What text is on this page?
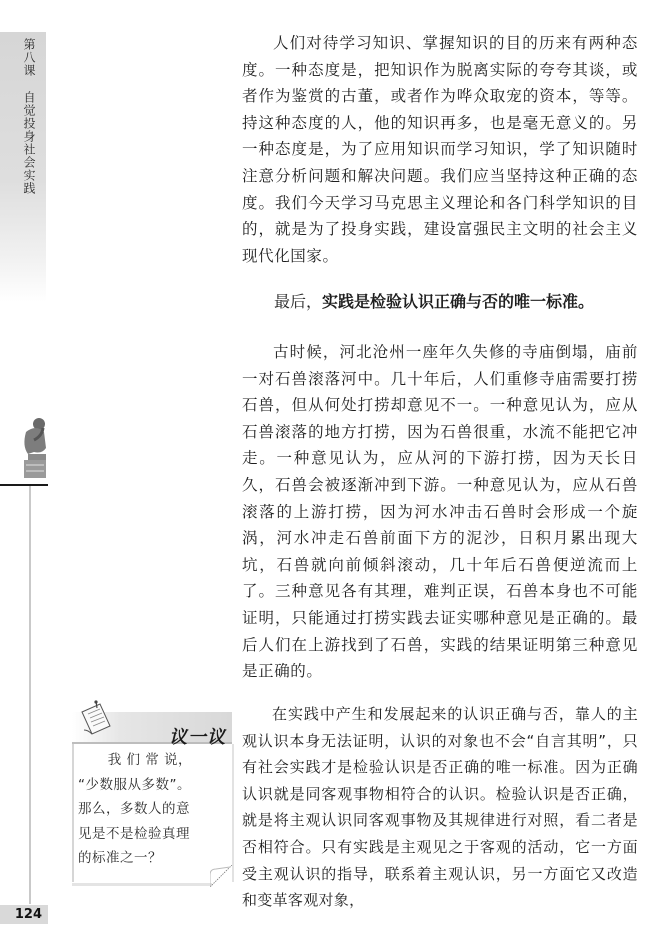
第八课自觉投身社会实践
124

人们对待学习知识、掌握知识的目的历来有两种态度。一种态度是，把知识作为脱离实际的夸夸其谈，或者作为鉴赏的古董，或者作为哗众取宠的资本，等等。持这种态度的人，他的知识再多，也是毫无意义的。另一种态度是，为了应用知识而学习知识，学了知识随时注意分析问题和解决问题。我们应当坚持这种正确的态度。我们今天学习马克思主义理论和各门科学知识的目的，就是为了投身实践，建设富强民主文明的社会主义现代化国家。

最后，实践是检验认识正确与否的唯一标准。

古时候，河北沧州一座年久失修的寺庙倒塌，庙前一对石兽滚落河中。几十年后，人们重修寺庙需要打捞石兽，但从何处打捞却意见不一。一种意见认为，应从石兽滚落的地方打捞，因为石兽很重，水流不能把它冲走。一种意见认为，应从河的下游打捞，因为天长日久，石兽会被逐渐冲到下游。一种意见认为，应从石兽滚落的上游打捞，因为河水冲击石兽时会形成一个旋涡，河水冲走石兽前面下方的泥沙，日积月累出现大坑，石兽就向前倾斜滚动，几十年后石兽便逆流而上了。三种意见各有其理，难判正误，石兽本身也不可能证明，只能通过打捞实践去证实哪种意见是正确的。最后人们在上游找到了石兽，实践的结果证明第三种意见是正确的。

在实践中产生和发展起来的认识正确与否，靠人的主观认识本身无法证明，认识的对象也不会“自言其明”，只有社会实践才是检验认识是否正确的唯一标准。因为正确认识就是同客观事物相符合的认识。检验认识是否正确，就是将主观认识同客观事物及其规律进行对照，看二者是否相符合。只有实践是主观见之于客观的活动，它一方面受主观认识的指导，联系着主观认识，另一方面它又改造和变革客观对象，

议一议
我 们 常 说，
“少数服从多数”。
那么，多数人的意
见是不是检验真理
的标准之一？
